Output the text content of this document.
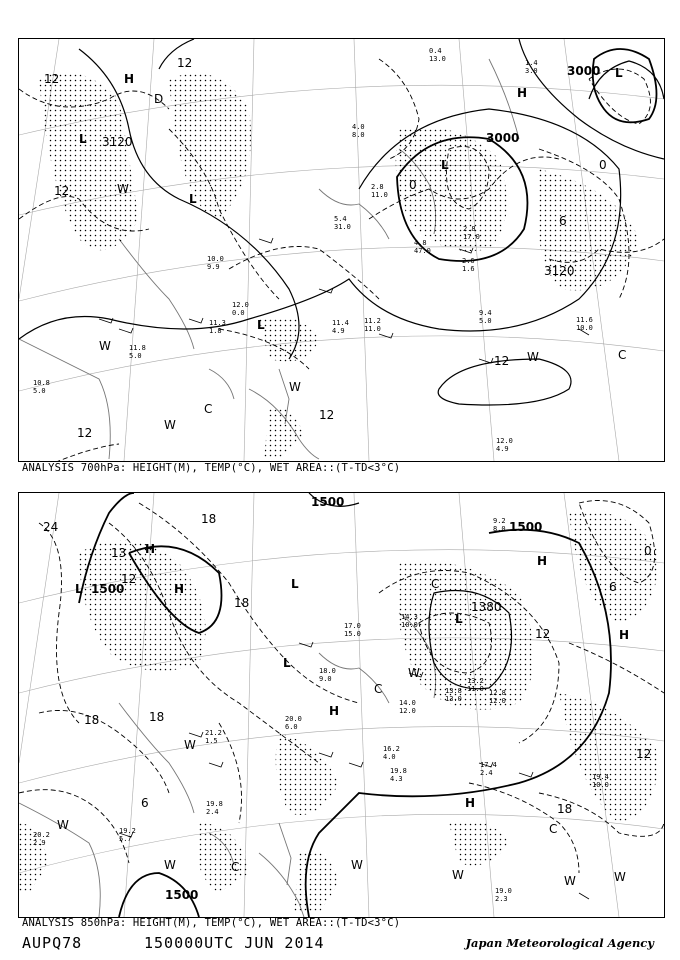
3000
3120
3000
3120
12
12
12
12
12
12
0
0
6
D
H
H
L
L
L
L
L
C
C
W
W
W
W
W
10.8
5.0
11.8
5.0
12.0
4.9
11.2
11.0
11.4
4.9
9.4
5.0	11.6
10.0
12.0
0.0
11.3
1.8
2.8
11.0
4.8
47.0
5.4
31.0	2.8
17.0
2.6
1.6
10.0
9.9
1.4
3.0
0.4
13.0
4.0
8.0
ANALYSIS 700hPa: HEIGHT(M), TEMP(°C), WET AREA::(T-TD<3°C)
1500
1500
1500
1500
1380
24
18
18
18	18
18
13
12
12
12
6
6
0
H
H
H
H
H
H
L	L
L
L
C
C
C
C
W
W
W
W
W	W	W
W
19.0
2.3
19.4
10.0
17.4
2.4
19.8
4.3
16.2
4.0
19.2
5.7
19.8
2.4
20.2
2.9
13.8
13.0
13.2
11.0 12.8
12.0
14.0
12.0
14.3
10.0
17.0
15.0
18.0
9.0
20.0
6.0
21.2
1.5
9.2
8.0
ANALYSIS 850hPa: HEIGHT(M), TEMP(°C), WET AREA::(T-TD<3°C)
AUPQ78	150000UTC JUN 2014	Japan Meteorological Agency
